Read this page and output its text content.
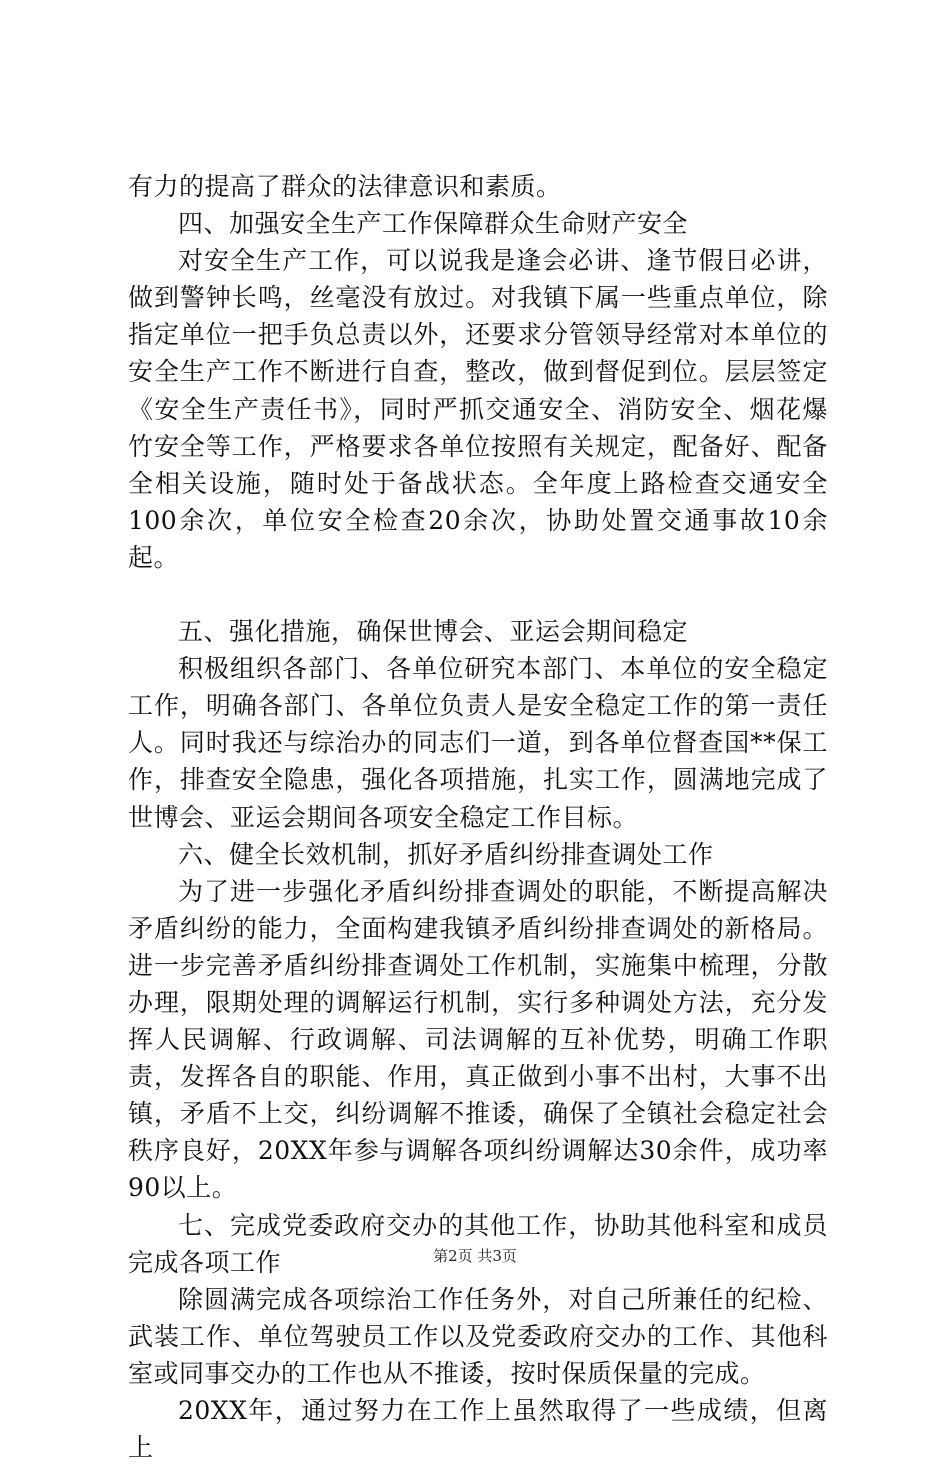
有力的提高了群众的法律意识和素质。

四、加强安全生产工作保障群众生命财产安全

对安全生产工作，可以说我是逢会必讲、逢节假日必讲，做到警钟长鸣，丝毫没有放过。对我镇下属一些重点单位，除指定单位一把手负总责以外，还要求分管领导经常对本单位的安全生产工作不断进行自查，整改，做到督促到位。层层签定《安全生产责任书》，同时严抓交通安全、消防安全、烟花爆竹安全等工作，严格要求各单位按照有关规定，配备好、配备全相关设施，随时处于备战状态。全年度上路检查交通安全100余次，单位安全检查20余次，协助处置交通事故10余起。

五、强化措施，确保世博会、亚运会期间稳定

积极组织各部门、各单位研究本部门、本单位的安全稳定工作，明确各部门、各单位负责人是安全稳定工作的第一责任人。同时我还与综治办的同志们一道，到各单位督查国**保工作，排查安全隐患，强化各项措施，扎实工作，圆满地完成了世博会、亚运会期间各项安全稳定工作目标。

六、健全长效机制，抓好矛盾纠纷排查调处工作

为了进一步强化矛盾纠纷排查调处的职能，不断提高解决矛盾纠纷的能力，全面构建我镇矛盾纠纷排查调处的新格局。进一步完善矛盾纠纷排查调处工作机制，实施集中梳理，分散办理，限期处理的调解运行机制，实行多种调处方法，充分发挥人民调解、行政调解、司法调解的互补优势，明确工作职责，发挥各自的职能、作用，真正做到小事不出村，大事不出镇，矛盾不上交，纠纷调解不推诿，确保了全镇社会稳定社会秩序良好，20XX年参与调解各项纠纷调解达30余件，成功率90以上。

七、完成党委政府交办的其他工作，协助其他科室和成员完成各项工作

除圆满完成各项综治工作任务外，对自己所兼任的纪检、武装工作、单位驾驶员工作以及党委政府交办的工作、其他科室或同事交办的工作也从不推诿，按时保质保量的完成。

20XX年，通过努力在工作上虽然取得了一些成绩，但离上

第2页 共3页
